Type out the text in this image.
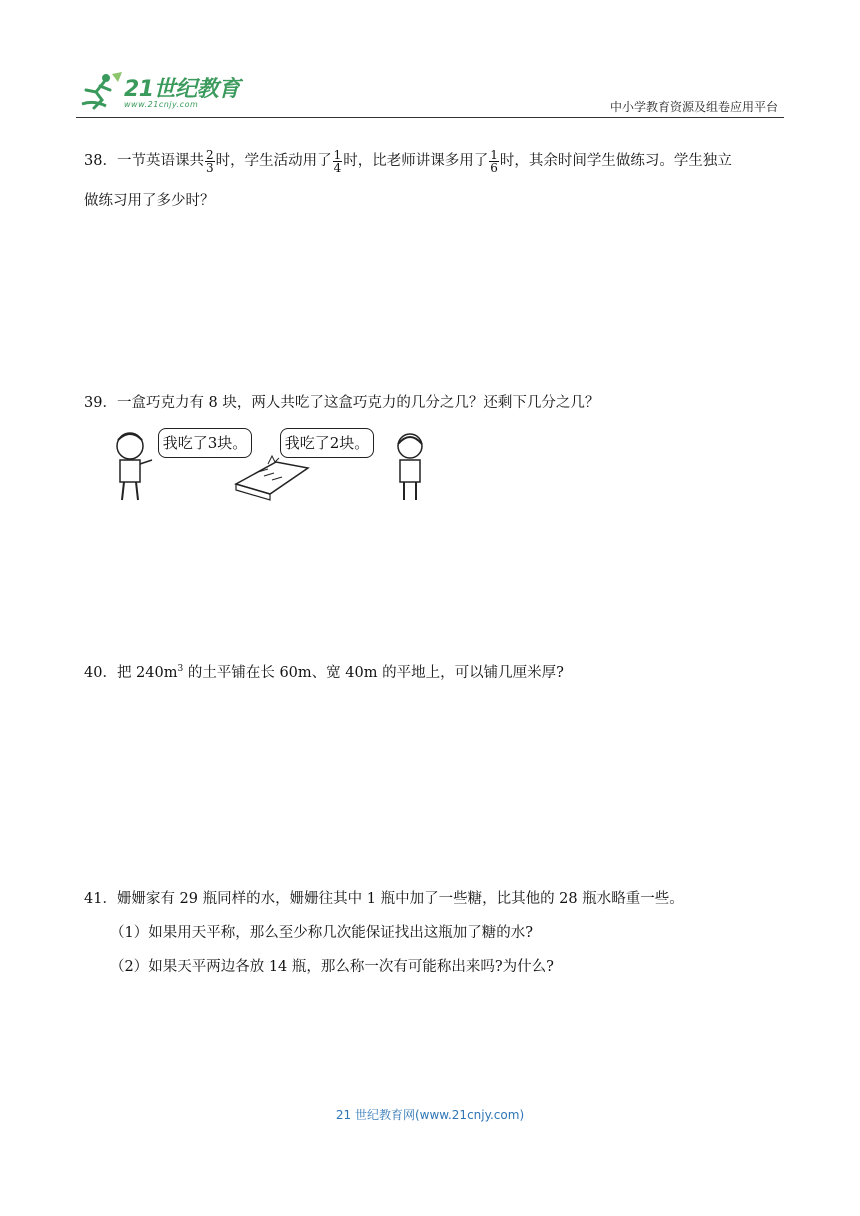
21世纪教育
www.21cnjy.com	中小学教育资源及组卷应用平台
38．一节英语课共 $\frac{2}{3}$ 时，学生活动用了 $\frac{1}{4}$ 时，比老师讲课多用了 $\frac{1}{6}$ 时，其余时间学生做练习。学生独立
做练习用了多少时？
39．一盒巧克力有 8 块，两人共吃了这盒巧克力的几分之几？还剩下几分之几？
我吃了3块。	我吃了2块。
40．把 $240m^3$ 的土平铺在长 60m、宽 40m 的平地上，可以铺几厘米厚?
41．姗姗家有 29 瓶同样的水，姗姗往其中 1 瓶中加了一些糖，比其他的 28 瓶水略重一些。
（1）如果用天平称，那么至少称几次能保证找出这瓶加了糖的水?
（2）如果天平两边各放 14 瓶，那么称一次有可能称出来吗?为什么?
21 世纪教育网(www.21cnjy.com)
